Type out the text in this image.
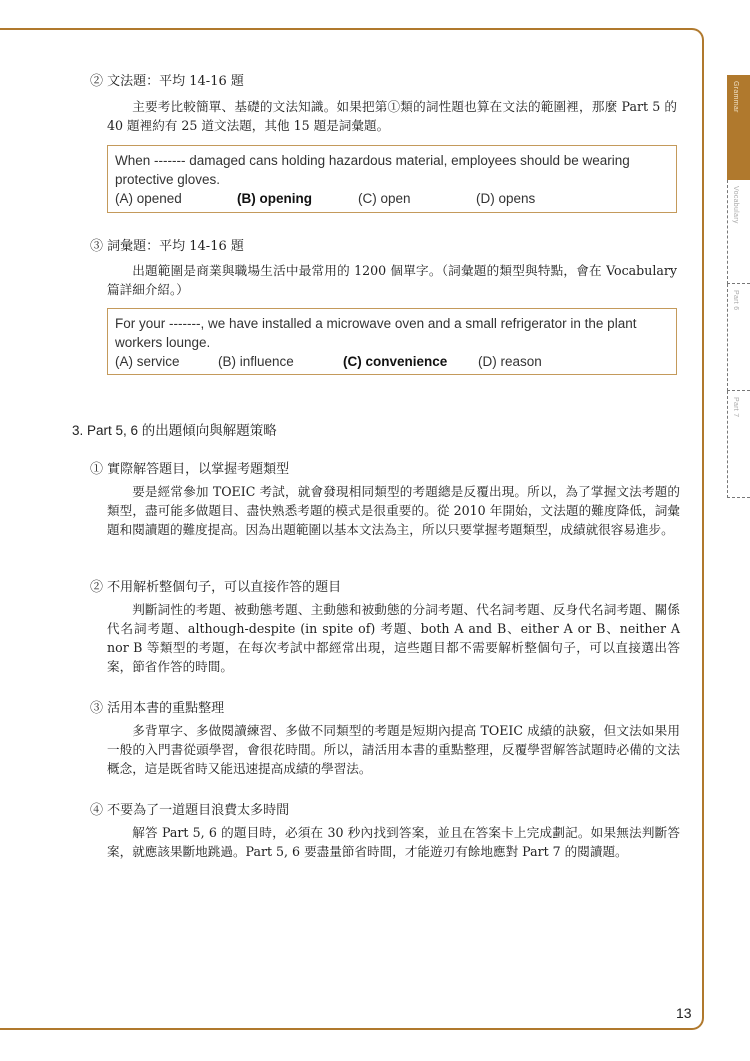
Grammar
Vocabulary
Part 6
Part 7
② 文法題：平均 14-16 題
主要考比較簡單、基礎的文法知識。如果把第①類的詞性題也算在文法的範圍裡，那麼 Part 5 的 40 題裡約有 25 道文法題，其他 15 題是詞彙題。
When ------- damaged cans holding hazardous material, employees should be wearing protective gloves.
(A) opened	(B) opening	(C) open	(D) opens
③ 詞彙題：平均 14-16 題
出題範圍是商業與職場生活中最常用的 1200 個單字。（詞彙題的類型與特點，會在 Vocabulary 篇詳細介紹。）
For your -------, we have installed a microwave oven and a small refrigerator in the plant workers lounge.
(A) service	(B) influence	(C) convenience	(D) reason
3. Part 5, 6 的出題傾向與解題策略
① 實際解答題目，以掌握考題類型
要是經常參加 TOEIC 考試，就會發現相同類型的考題總是反覆出現。所以，為了掌握文法考題的類型，盡可能多做題目、盡快熟悉考題的模式是很重要的。從 2010 年開始，文法題的難度降低，詞彙題和閱讀題的難度提高。因為出題範圍以基本文法為主，所以只要掌握考題類型，成績就很容易進步。
② 不用解析整個句子，可以直接作答的題目
判斷詞性的考題、被動態考題、主動態和被動態的分詞考題、代名詞考題、反身代名詞考題、關係代名詞考題、although-despite (in spite of) 考題、both A and B、either A or B、neither A nor B 等類型的考題，在每次考試中都經常出現，這些題目都不需要解析整個句子，可以直接選出答案，節省作答的時間。
③ 活用本書的重點整理
多背單字、多做閱讀練習、多做不同類型的考題是短期內提高 TOEIC 成績的訣竅，但文法如果用一般的入門書從頭學習，會很花時間。所以，請活用本書的重點整理，反覆學習解答試題時必備的文法概念，這是既省時又能迅速提高成績的學習法。
④ 不要為了一道題目浪費太多時間
解答 Part 5, 6 的題目時，必須在 30 秒內找到答案，並且在答案卡上完成劃記。如果無法判斷答案，就應該果斷地跳過。Part 5, 6 要盡量節省時間，才能遊刃有餘地應對 Part 7 的閱讀題。
13
